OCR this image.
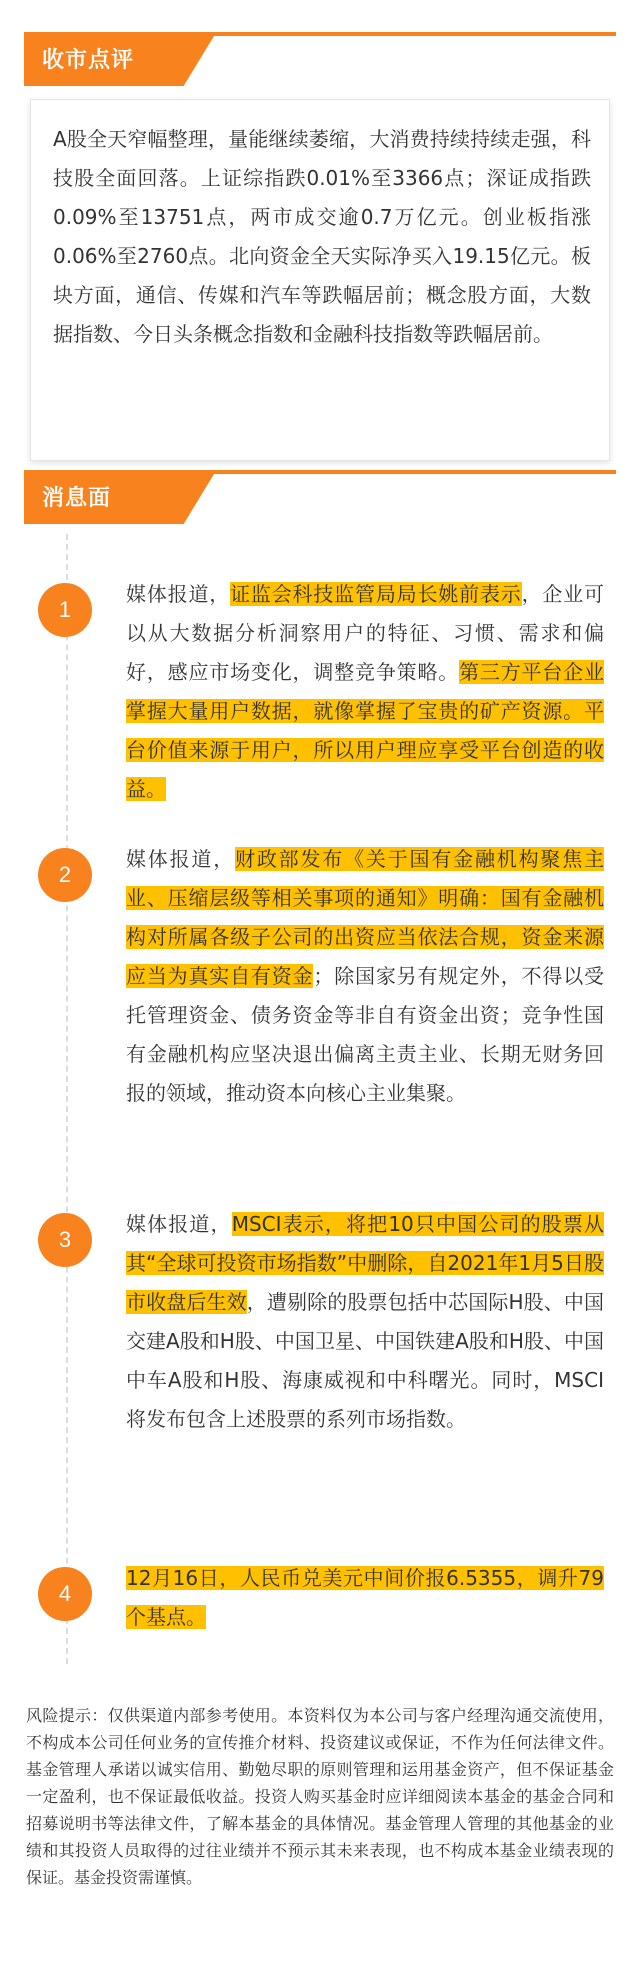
收市点评
A股全天窄幅整理，量能继续萎缩，大消费持续持续走强，科技股全面回落。上证综指跌0.01%至3366点；深证成指跌0.09%至13751点，两市成交逾0.7万亿元。创业板指涨0.06%至2760点。北向资金全天实际净买入19.15亿元。板块方面，通信、传媒和汽车等跌幅居前；概念股方面，大数据指数、今日头条概念指数和金融科技指数等跌幅居前。
消息面
1
媒体报道，证监会科技监管局局长姚前表示，企业可以从大数据分析洞察用户的特征、习惯、需求和偏好，感应市场变化，调整竞争策略。第三方平台企业掌握大量用户数据，就像掌握了宝贵的矿产资源。平台价值来源于用户，所以用户理应享受平台创造的收益。
2
媒体报道，财政部发布《关于国有金融机构聚焦主业、压缩层级等相关事项的通知》明确：国有金融机构对所属各级子公司的出资应当依法合规，资金来源应当为真实自有资金；除国家另有规定外，不得以受托管理资金、债务资金等非自有资金出资；竞争性国有金融机构应坚决退出偏离主责主业、长期无财务回报的领域，推动资本向核心主业集聚。
3
媒体报道，MSCI表示，将把10只中国公司的股票从其“全球可投资市场指数”中删除，自2021年1月5日股市收盘后生效，遭剔除的股票包括中芯国际H股、中国交建A股和H股、中国卫星、中国铁建A股和H股、中国中车A股和H股、海康威视和中科曙光。同时，MSCI将发布包含上述股票的系列市场指数。
4
12月16日，人民币兑美元中间价报6.5355，调升79个基点。
风险提示：仅供渠道内部参考使用。本资料仅为本公司与客户经理沟通交流使用，不构成本公司任何业务的宣传推介材料、投资建议或保证，不作为任何法律文件。基金管理人承诺以诚实信用、勤勉尽职的原则管理和运用基金资产，但不保证基金一定盈利，也不保证最低收益。投资人购买基金时应详细阅读本基金的基金合同和招募说明书等法律文件，了解本基金的具体情况。基金管理人管理的其他基金的业绩和其投资人员取得的过往业绩并不预示其未来表现，也不构成本基金业绩表现的保证。基金投资需谨慎。
